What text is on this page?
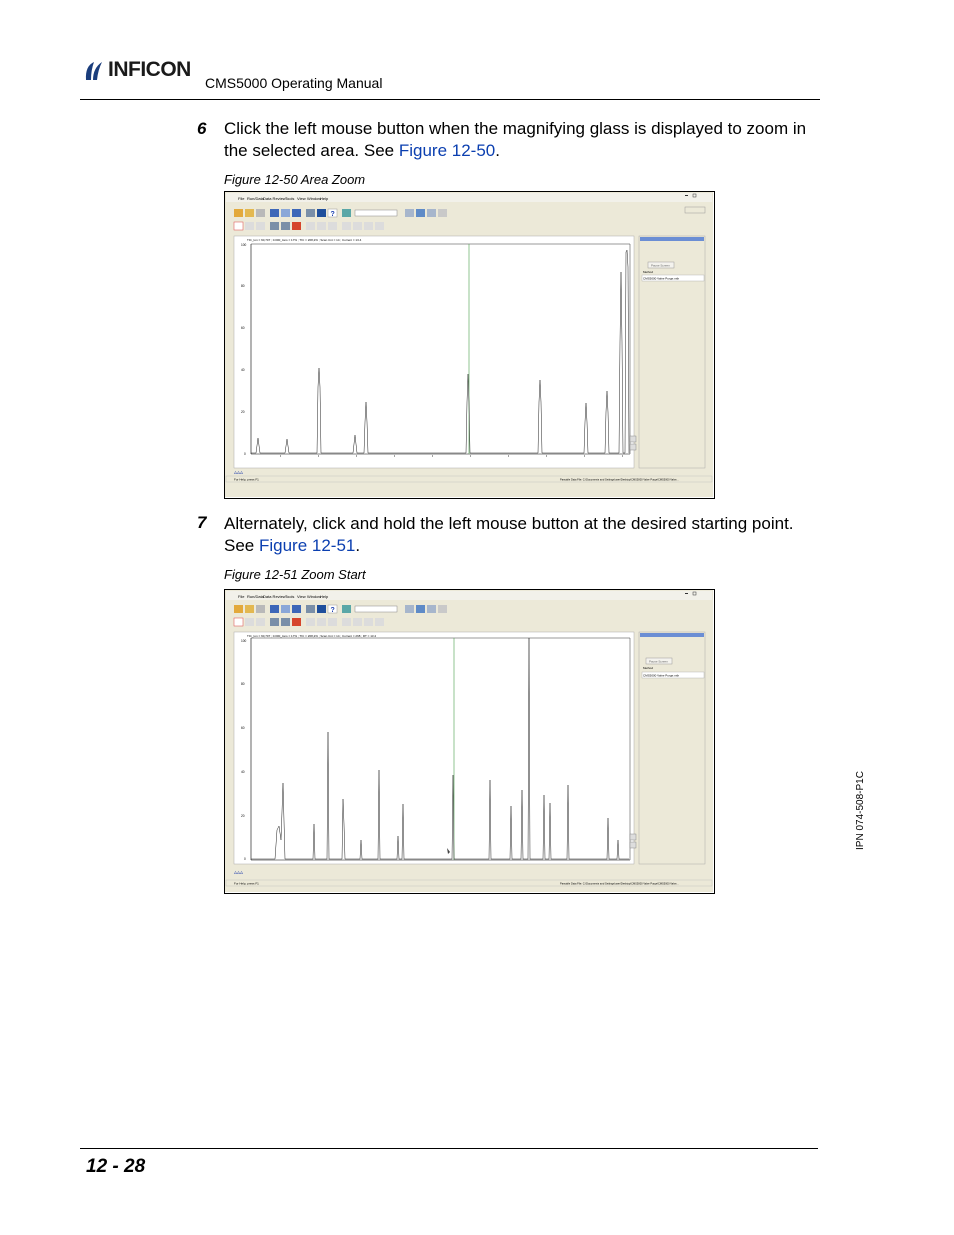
INFICON
CMS5000 Operating Manual
6 Click the left mouse button when the magnifying glass is displayed to zoom in the selected area. See Figure 12-50.
Figure 12-50 Area Zoom
File Run/Data Data Review Tools View Window
Help
?
TIC_Ion = 60,707 ; 0.000_Ions = 17% ; TIC = 268,2% ; Scan Cnt = 14 ; Current = 13.4
100
80
60
40
20
0
▵▵▵
Pause Screen
Method
CMS5000 Valve Purge.mth
For Help, press F1	Parsable Data File: C:\Documents and Settings\user\Desktop\CMS5000 Valve Purge\CMS5000 Valve...
7 Alternately, click and hold the left mouse button at the desired starting point. See Figure 12-51.
Figure 12-51 Zoom Start
File Run/Data Data Review Tools View Window
Help
?
TIC_Ion = 60,707 ; 0.000_Ions = 17% ; TIC = 268,2% ; Scan Cnt = 14 ; Current = 268 ; RT = 13.4
100
80
60
40
20
0
▵▵▵
Pause Screen
Method
CMS5000 Valve Purge.mth
For Help, press F1	Parsable Data File: C:\Documents and Settings\user\Desktop\CMS5000 Valve Purge\CMS5000 Valve...
IPN 074-508-P1C
12 - 28
